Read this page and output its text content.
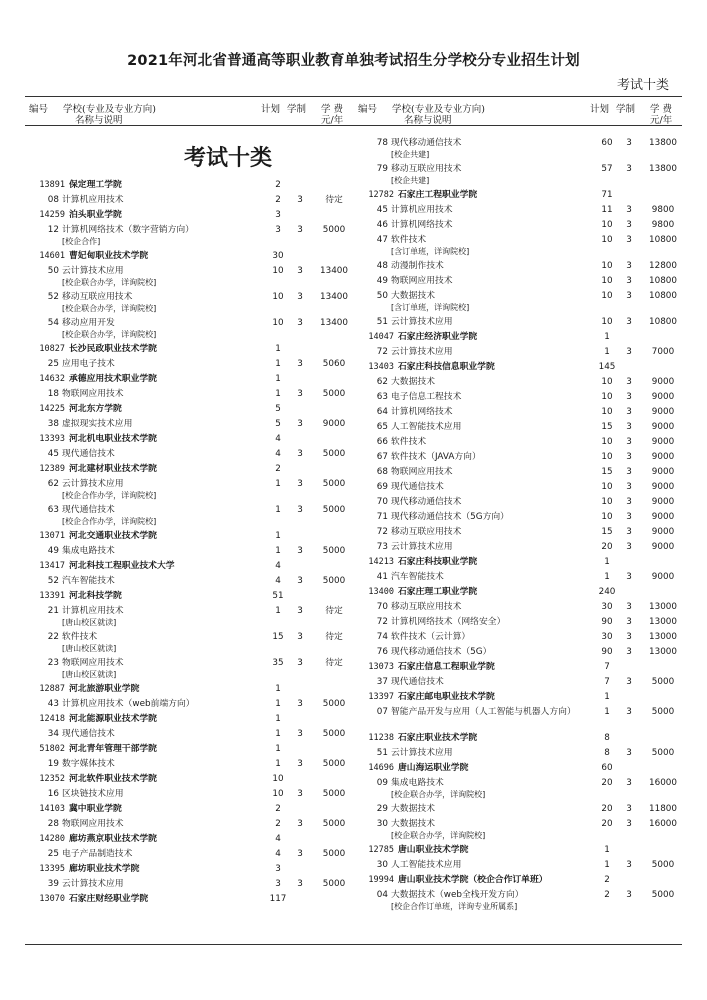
2021年河北省普通高等职业教育单独考试招生分学校分专业招生计划
考试十类
编号 学校(专业及专业方向)
名称与说明
计划 学制 学 费
元/年
考试十类
13891 保定理工学院	2
08 计算机应用技术	2	3	待定
14259 泊头职业学院	3
12 计算机网络技术（数字营销方向）	3	3	5000
[校企合作]
14601 曹妃甸职业技术学院	30
50 云计算技术应用	10	3	13400
[校企联合办学，详询院校]
52 移动互联应用技术	10	3	13400
[校企联合办学，详询院校]
54 移动应用开发	10	3	13400
[校企联合办学，详询院校]
10827 长沙民政职业技术学院	1
25 应用电子技术	1	3	5060
14632 承德应用技术职业学院	1
18 物联网应用技术	1	3	5000
14225 河北东方学院	5
38 虚拟现实技术应用	5	3	9000
13393 河北机电职业技术学院	4
45 现代通信技术	4	3	5000
12389 河北建材职业技术学院	2
62 云计算技术应用	1	3	5000
[校企合作办学，详询院校]
63 现代通信技术	1	3	5000
[校企合作办学，详询院校]
13071 河北交通职业技术学院	1
49 集成电路技术	1	3	5000
13417 河北科技工程职业技术大学	4
52 汽车智能技术	4	3	5000
13391 河北科技学院	51
21 计算机应用技术	1	3	待定
[唐山校区就读]
22 软件技术	15	3	待定
[唐山校区就读]
23 物联网应用技术	35	3	待定
[唐山校区就读]
12887 河北旅游职业学院	1
43 计算机应用技术（web前端方向）	1	3	5000
12418 河北能源职业技术学院	1
34 现代通信技术	1	3	5000
51802 河北青年管理干部学院	1
19 数字媒体技术	1	3	5000
12352 河北软件职业技术学院	10
16 区块链技术应用	10	3	5000
14103 冀中职业学院	2
28 物联网应用技术	2	3	5000
14280 廊坊燕京职业技术学院	4
25 电子产品制造技术	4	3	5000
13395 廊坊职业技术学院	3
39 云计算技术应用	3	3	5000
13070 石家庄财经职业学院	117
编号 学校(专业及专业方向)
名称与说明
计划 学制 学 费
元/年
78 现代移动通信技术	60	3	13800
[校企共建]
79 移动互联应用技术	57	3	13800
[校企共建]
12782 石家庄工程职业学院	71
45 计算机应用技术	11	3	9800
46 计算机网络技术	10	3	9800
47 软件技术	10	3	10800
[含订单班，详询院校]
48 动漫制作技术	10	3	12800
49 物联网应用技术	10	3	10800
50 大数据技术	10	3	10800
[含订单班，详询院校]
51 云计算技术应用	10	3	10800
14047 石家庄经济职业学院	1
72 云计算技术应用	1	3	7000
13403 石家庄科技信息职业学院	145
62 大数据技术	10	3	9000
63 电子信息工程技术	10	3	9000
64 计算机网络技术	10	3	9000
65 人工智能技术应用	15	3	9000
66 软件技术	10	3	9000
67 软件技术（JAVA方向）	10	3	9000
68 物联网应用技术	15	3	9000
69 现代通信技术	10	3	9000
70 现代移动通信技术	10	3	9000
71 现代移动通信技术（5G方向）	10	3	9000
72 移动互联应用技术	15	3	9000
73 云计算技术应用	20	3	9000
14213 石家庄科技职业学院	1
41 汽车智能技术	1	3	9000
13400 石家庄理工职业学院	240
70 移动互联应用技术	30	3	13000
72 计算机网络技术（网络安全）	90	3	13000
74 软件技术（云计算）	30	3	13000
76 现代移动通信技术（5G）	90	3	13000
13073 石家庄信息工程职业学院	7
37 现代通信技术	7	3	5000
13397 石家庄邮电职业技术学院	1
07 智能产品开发与应用（人工智能与机器人方向）	1	3	5000
11238 石家庄职业技术学院	8
51 云计算技术应用	8	3	5000
14696 唐山海运职业学院	60
09 集成电路技术	20	3	16000
[校企联合办学，详询院校]
29 大数据技术	20	3	11800
30 大数据技术	20	3	16000
[校企联合办学，详询院校]
12785 唐山职业技术学院	1
30 人工智能技术应用	1	3	5000
19994 唐山职业技术学院（校企合作订单班）	2
04 大数据技术（web全栈开发方向）	2	3	5000
[校企合作订单班，详询专业所属系]
